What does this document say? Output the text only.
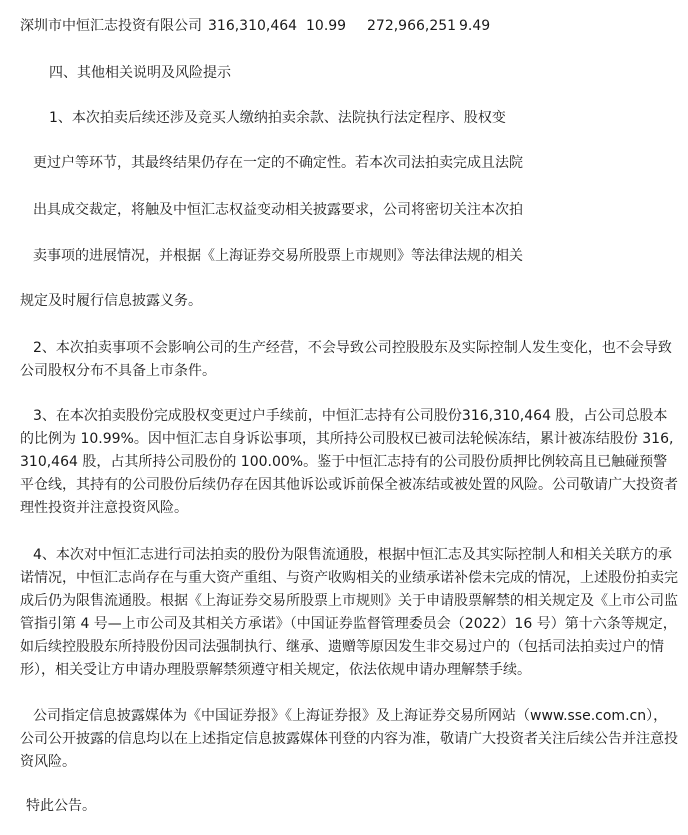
深圳市中恒汇志投资有限公司 316,310,464 10.99 272,966,251 9.49
四、其他相关说明及风险提示
1、本次拍卖后续还涉及竞买人缴纳拍卖余款、法院执行法定程序、股权变
更过户等环节，其最终结果仍存在一定的不确定性。若本次司法拍卖完成且法院
出具成交裁定，将触及中恒汇志权益变动相关披露要求，公司将密切关注本次拍
卖事项的进展情况，并根据《上海证券交易所股票上市规则》等法律法规的相关
规定及时履行信息披露义务。
2、本次拍卖事项不会影响公司的生产经营，不会导致公司控股股东及实际控制人发生变化，也不会导致公司股权分布不具备上市条件。
3、在本次拍卖股份完成股权变更过户手续前，中恒汇志持有公司股份316,310,464 股，占公司总股本的比例为 10.99%。因中恒汇志自身诉讼事项，其所持公司股权已被司法轮候冻结，累计被冻结股份 316,310,464 股，占其所持公司股份的 100.00%。鉴于中恒汇志持有的公司股份质押比例较高且已触碰预警平仓线，其持有的公司股份后续仍存在因其他诉讼或诉前保全被冻结或被处置的风险。公司敬请广大投资者理性投资并注意投资风险。
4、本次对中恒汇志进行司法拍卖的股份为限售流通股，根据中恒汇志及其实际控制人和相关关联方的承诺情况，中恒汇志尚存在与重大资产重组、与资产收购相关的业绩承诺补偿未完成的情况，上述股份拍卖完成后仍为限售流通股。根据《上海证券交易所股票上市规则》关于申请股票解禁的相关规定及《上市公司监管指引第 4 号—上市公司及其相关方承诺》（中国证券监督管理委员会（2022）16 号）第十六条等规定，如后续控股股东所持股份因司法强制执行、继承、遗赠等原因发生非交易过户的（包括司法拍卖过户的情形），相关受让方申请办理股票解禁须遵守相关规定，依法依规申请办理解禁手续。
公司指定信息披露媒体为《中国证券报》《上海证券报》及上海证券交易所网站（www.sse.com.cn），公司公开披露的信息均以在上述指定信息披露媒体刊登的内容为准，敬请广大投资者关注后续公告并注意投资风险。
特此公告。
